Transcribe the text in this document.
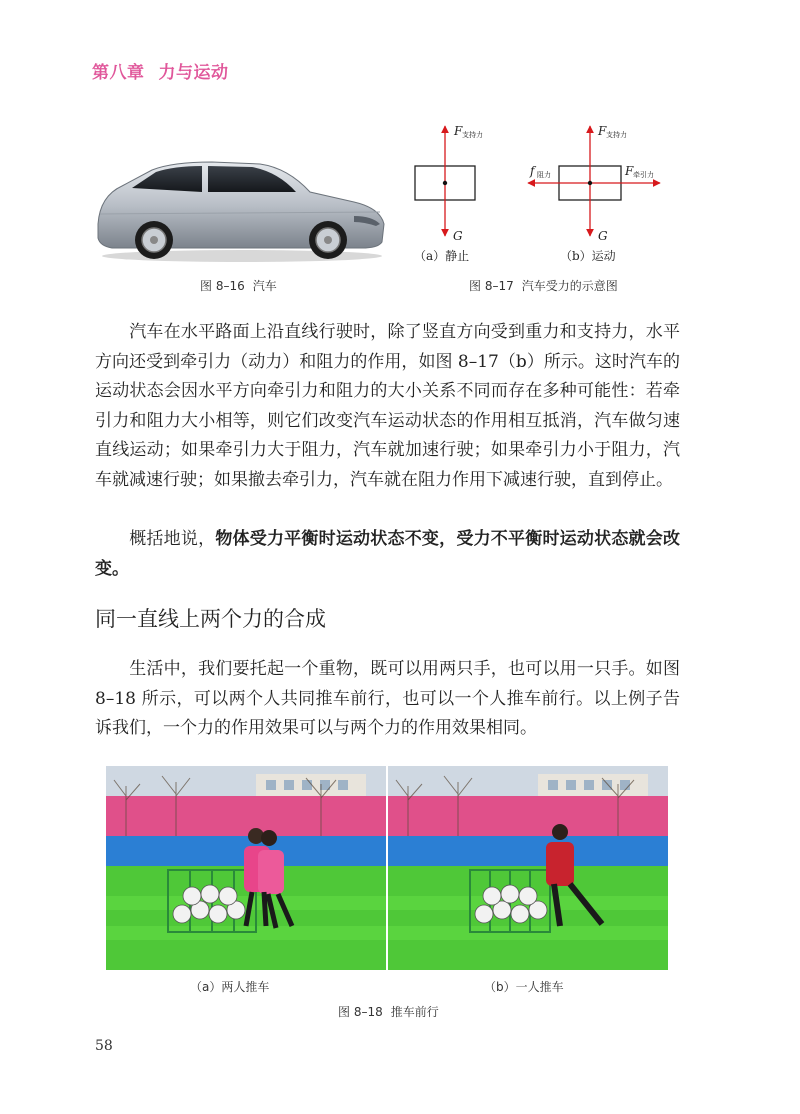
第八章 力与运动
图 8–16 汽车
F 支持力
G
（a）静止
F 支持力
G
f 阻力	F 牵引力
（b）运动
图 8–17 汽车受力的示意图
汽车在水平路面上沿直线行驶时，除了竖直方向受到重力和支持力，水平方向还受到牵引力（动力）和阻力的作用，如图 8–17（b）所示。这时汽车的运动状态会因水平方向牵引力和阻力的大小关系不同而存在多种可能性：若牵引力和阻力大小相等，则它们改变汽车运动状态的作用相互抵消，汽车做匀速直线运动；如果牵引力大于阻力，汽车就加速行驶；如果牵引力小于阻力，汽车就减速行驶；如果撤去牵引力，汽车就在阻力作用下减速行驶，直到停止。
概括地说，物体受力平衡时运动状态不变，受力不平衡时运动状态就会改变。
同一直线上两个力的合成
生活中，我们要托起一个重物，既可以用两只手，也可以用一只手。如图 8–18 所示，可以两个人共同推车前行，也可以一个人推车前行。以上例子告诉我们，一个力的作用效果可以与两个力的作用效果相同。
（a）两人推车	（b）一人推车
图 8–18 推车前行
58
